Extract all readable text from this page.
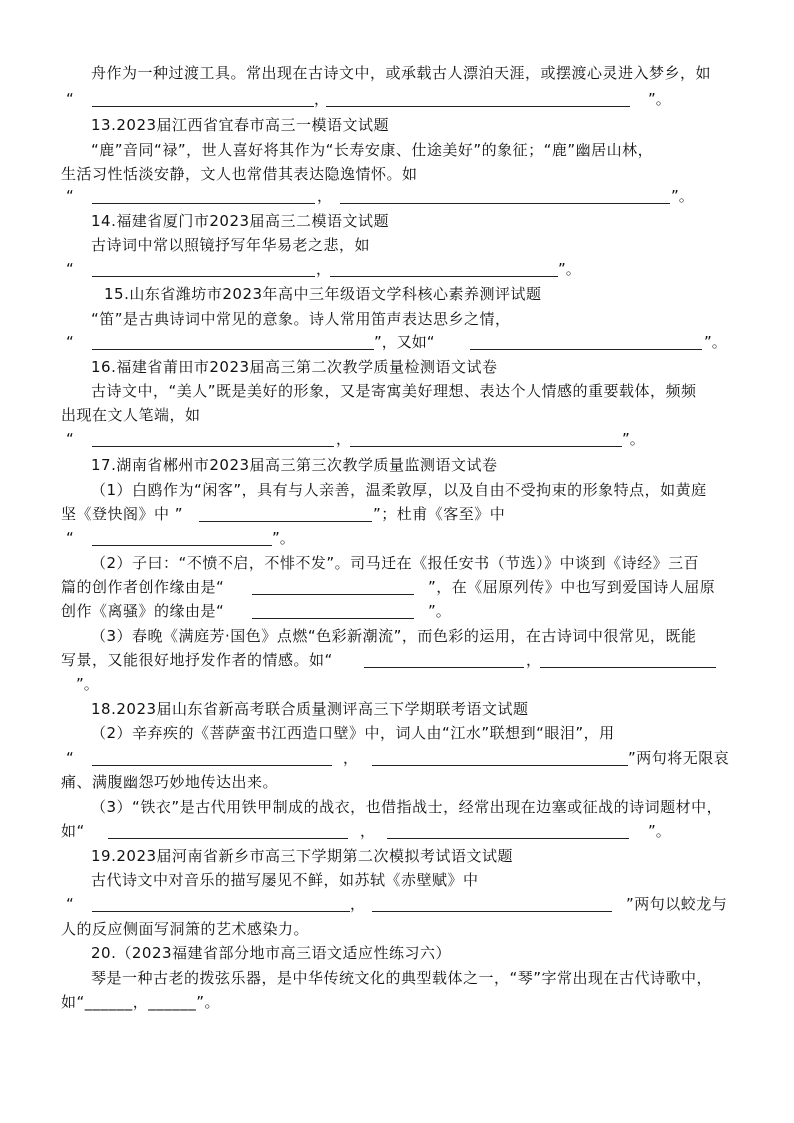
舟作为一种过渡工具。常出现在古诗文中，或承载古人漂泊天涯，或摆渡心灵进入梦乡，如
“	，	”。
13.2023届江西省宜春市高三一模语文试题
“鹿”音同“禄”，世人喜好将其作为“长寿安康、仕途美好”的象征；“鹿”幽居山林，
生活习性恬淡安静，文人也常借其表达隐逸情怀。如
“	，	”。
14.福建省厦门市2023届高三二模语文试题
古诗词中常以照镜抒写年华易老之悲，如
“	，	”。
15.山东省潍坊市2023年高中三年级语文学科核心素养测评试题
“笛”是古典诗词中常见的意象。诗人常用笛声表达思乡之情，
“	”，又如“	”。
16.福建省莆田市2023届高三第二次教学质量检测语文试卷
古诗文中，“美人”既是美好的形象，又是寄寓美好理想、表达个人情感的重要载体，频频
出现在文人笔端，如
“	，	”。
17.湖南省郴州市2023届高三第三次教学质量监测语文试卷
（1）白鸥作为“闲客”，具有与人亲善，温柔敦厚，以及自由不受拘束的形象特点，如黄庭
坚《登快阁》中 ”	”；杜甫《客至》中
“	”。
（2）子曰：“不愤不启，不悱不发”。司马迁在《报任安书（节选）》中谈到《诗经》三百
篇的创作者创作缘由是“	”，在《屈原列传》中也写到爱国诗人屈原
创作《离骚》的缘由是“	”。
（3）春晚《满庭芳·国色》点燃“色彩新潮流”，而色彩的运用，在古诗词中很常见，既能
写景，又能很好地抒发作者的情感。如“	，
”。
18.2023届山东省新高考联合质量测评高三下学期联考语文试题
（2）辛弃疾的《菩萨蛮书江西造口壁》中，词人由“江水”联想到“眼泪”，用
“	，	”两句将无限哀
痛、满腹幽怨巧妙地传达出来。
（3）“铁衣”是古代用铁甲制成的战衣，也借指战士，经常出现在边塞或征战的诗词题材中，
如“	，	”。
19.2023届河南省新乡市高三下学期第二次模拟考试语文试题
古代诗文中对音乐的描写屡见不鲜，如苏轼《赤壁赋》中
“	，	”两句以蛟龙与
人的反应侧面写洞箫的艺术感染力。
20.（2023福建省部分地市高三语文适应性练习六）
琴是一种古老的拨弦乐器，是中华传统文化的典型载体之一，“琴”字常出现在古代诗歌中，
如“______，______”。
